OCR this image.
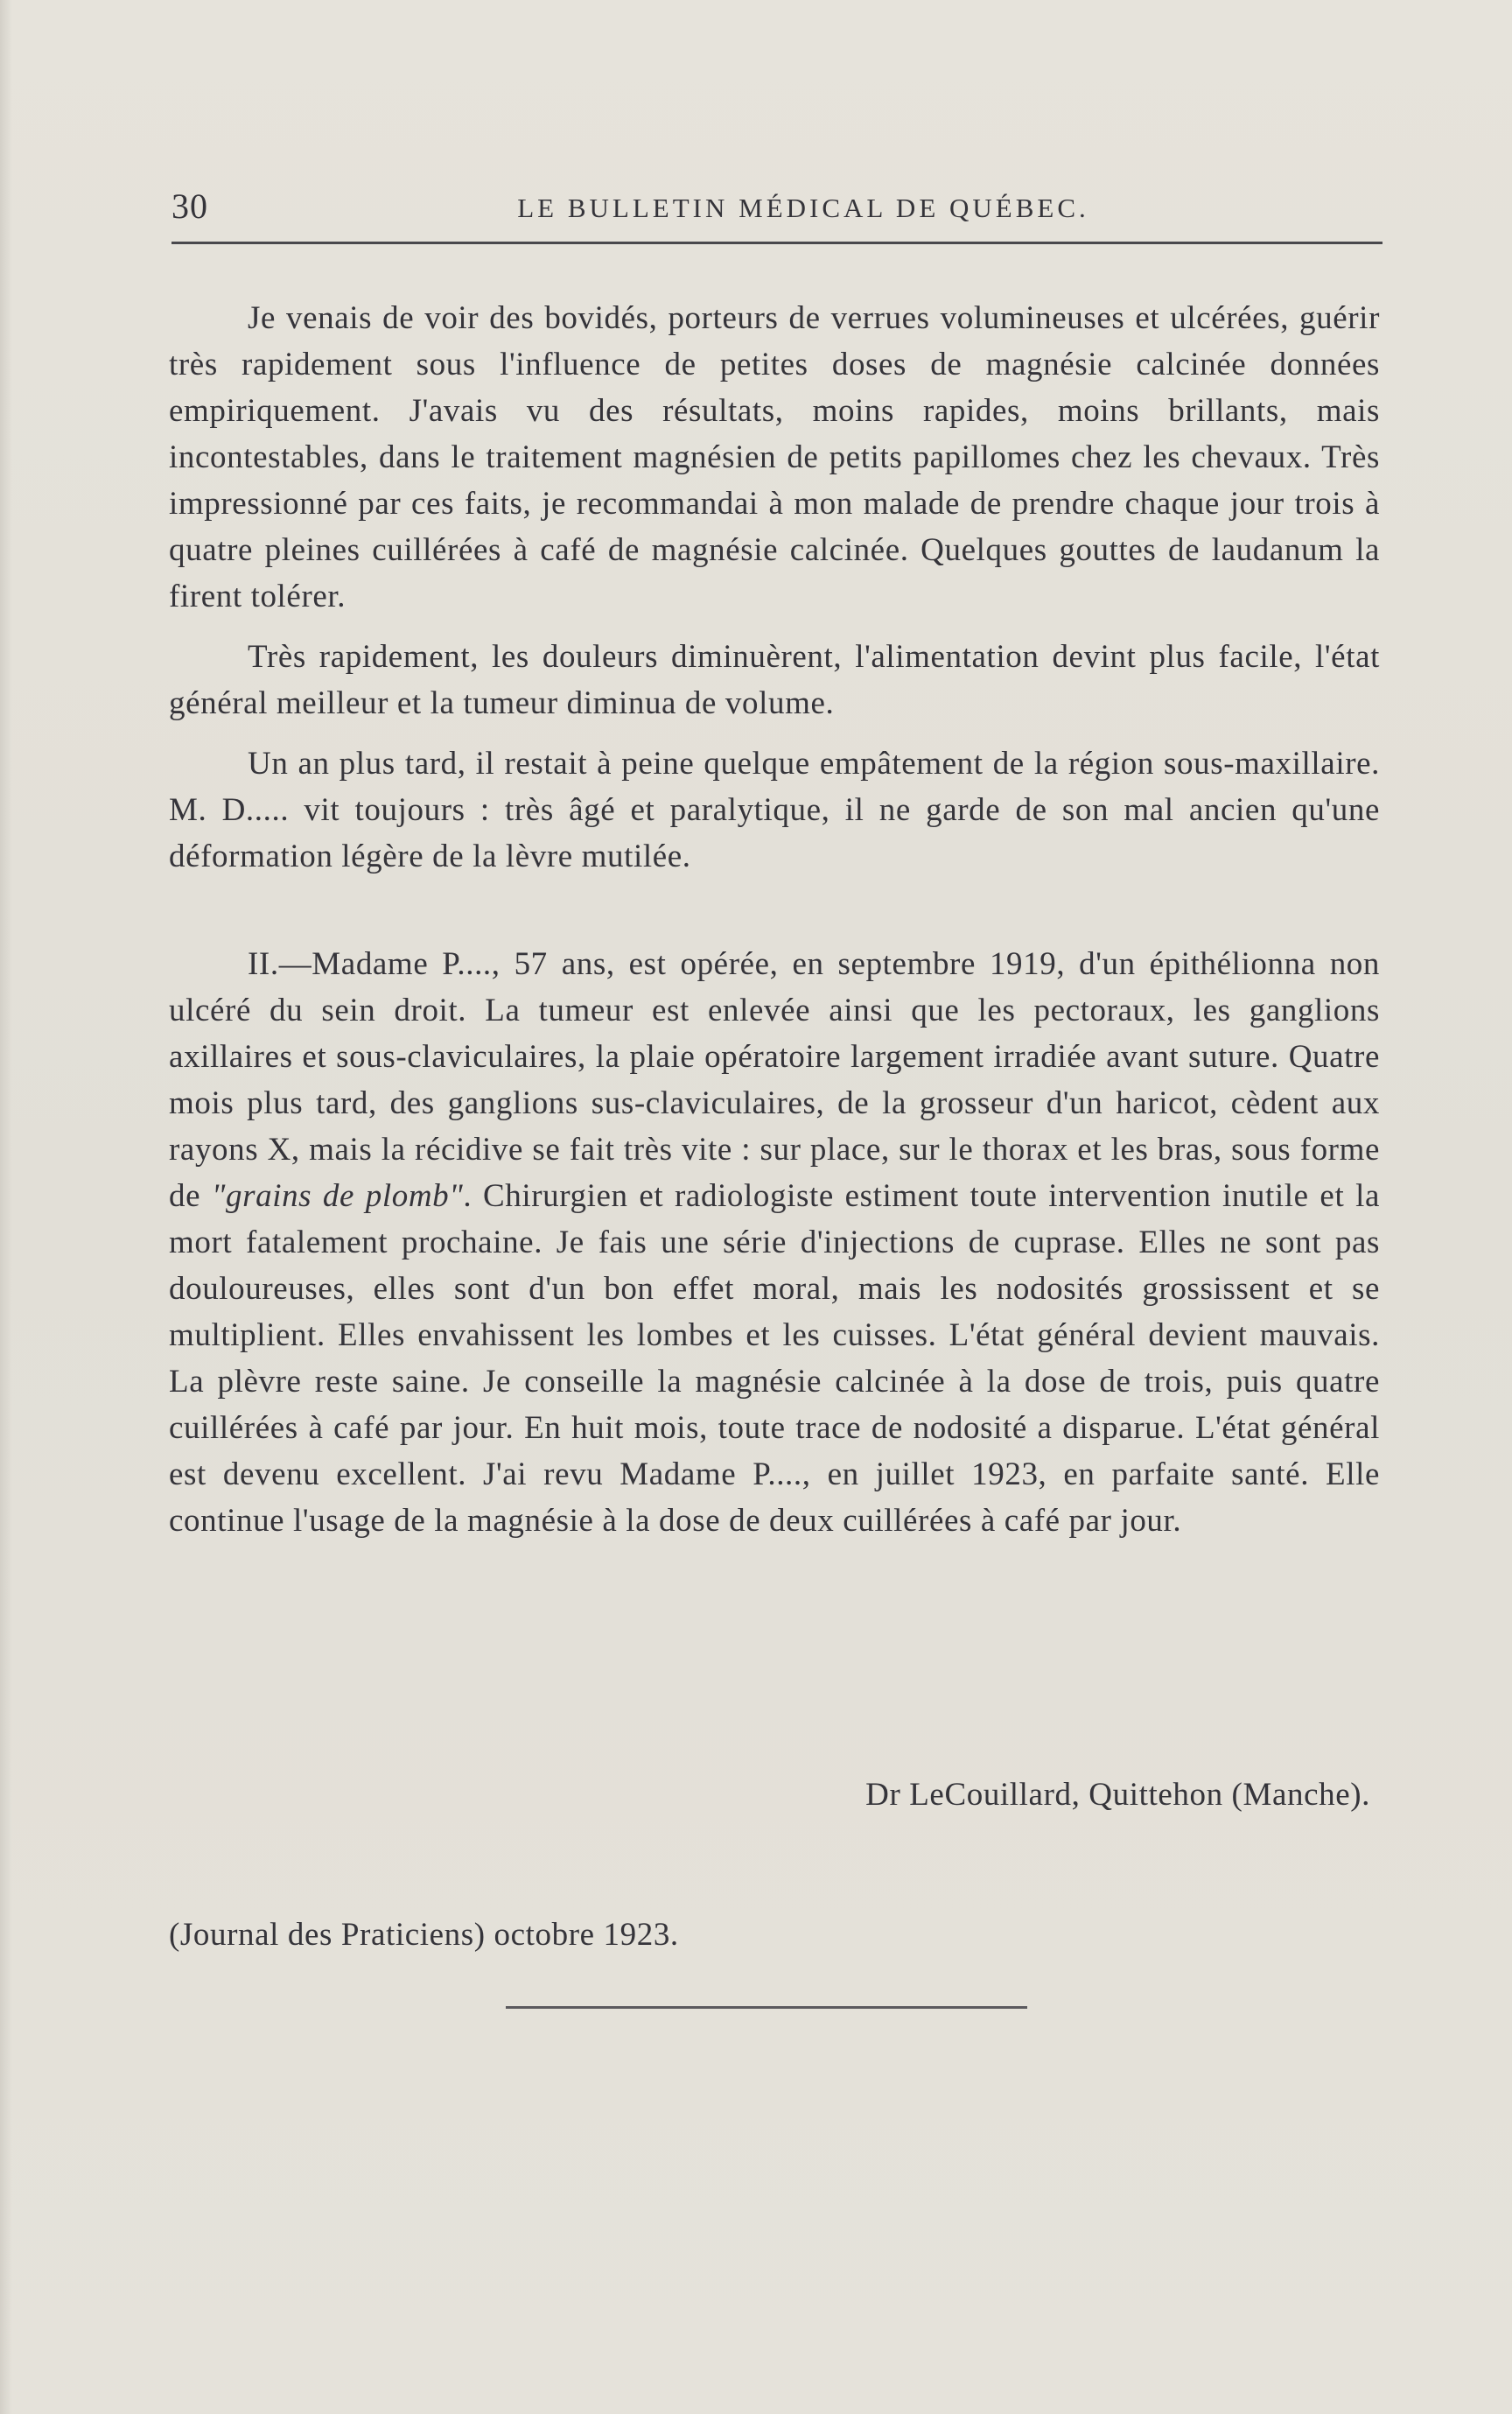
30	LE BULLETIN MÉDICAL DE QUÉBEC.

Je venais de voir des bovidés, porteurs de verrues volumineuses et ulcérées, guérir très rapidement sous l'influence de petites doses de magnésie calcinée données empiriquement. J'avais vu des résultats, moins rapides, moins brillants, mais incontestables, dans le traitement magnésien de petits papillomes chez les chevaux. Très impressionné par ces faits, je recommandai à mon malade de prendre chaque jour trois à quatre pleines cuillérées à café de magnésie calcinée. Quelques gouttes de laudanum la firent tolérer.

Très rapidement, les douleurs diminuèrent, l'alimentation devint plus facile, l'état général meilleur et la tumeur diminua de volume.

Un an plus tard, il restait à peine quelque empâtement de la région sous-maxillaire. M. D..... vit toujours : très âgé et paralytique, il ne garde de son mal ancien qu'une déformation légère de la lèvre mutilée.

II.—Madame P...., 57 ans, est opérée, en septembre 1919, d'un épithélionna non ulcéré du sein droit. La tumeur est enlevée ainsi que les pectoraux, les ganglions axillaires et sous-claviculaires, la plaie opératoire largement irradiée avant suture. Quatre mois plus tard, des ganglions sus-claviculaires, de la grosseur d'un haricot, cèdent aux rayons X, mais la récidive se fait très vite : sur place, sur le thorax et les bras, sous forme de "grains de plomb". Chirurgien et radiologiste estiment toute intervention inutile et la mort fatalement prochaine. Je fais une série d'injections de cuprase. Elles ne sont pas douloureuses, elles sont d'un bon effet moral, mais les nodosités grossissent et se multiplient. Elles envahissent les lombes et les cuisses. L'état général devient mauvais. La plèvre reste saine. Je conseille la magnésie calcinée à la dose de trois, puis quatre cuillérées à café par jour. En huit mois, toute trace de nodosité a disparue. L'état général est devenu excellent. J'ai revu Madame P...., en juillet 1923, en parfaite santé. Elle continue l'usage de la magnésie à la dose de deux cuillérées à café par jour.

Dr LeCouillard, Quittehon (Manche).
(Journal des Praticiens) octobre 1923.
